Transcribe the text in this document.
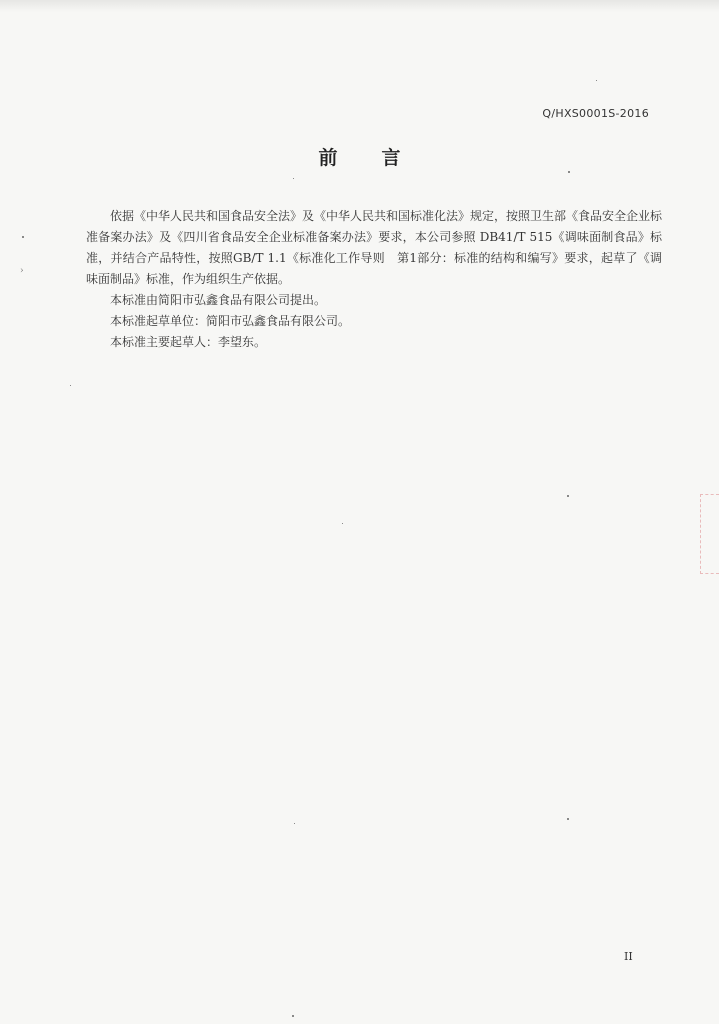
Q/HXS0001S-2016
前 言

依据《中华人民共和国食品安全法》及《中华人民共和国标准化法》规定，按照卫生部《食品安全企业标准备案办法》及《四川省食品安全企业标准备案办法》要求，本公司参照 DB41/T 515《调味面制食品》标准，并结合产品特性，按照GB/T 1.1《标准化工作导则　第1部分：标准的结构和编写》要求，起草了《调味面制品》标准，作为组织生产依据。

本标准由简阳市弘鑫食品有限公司提出。

本标准起草单位：简阳市弘鑫食品有限公司。

本标准主要起草人：李望东。

II
›
